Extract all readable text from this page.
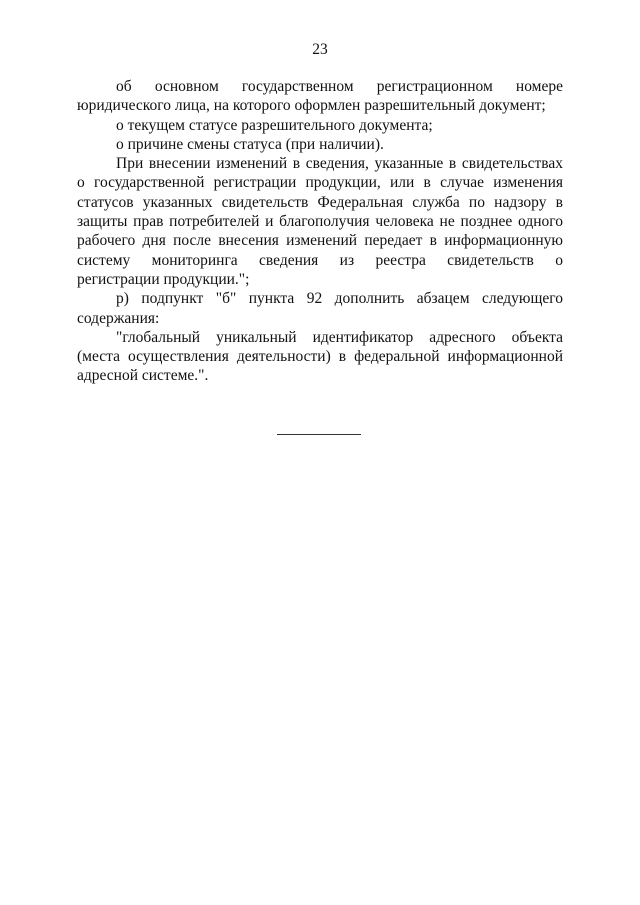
23
об основном государственном регистрационном номере
юридического лица, на которого оформлен разрешительный документ;
о текущем статусе разрешительного документа;
о причине смены статуса (при наличии).
При внесении изменений в сведения, указанные в свидетельствах
о государственной регистрации продукции, или в случае изменения
статусов указанных свидетельств Федеральная служба по надзору в
защиты прав потребителей и благополучия человека не позднее одного
рабочего дня после внесения изменений передает в информационную
систему мониторинга сведения из реестра свидетельств о
регистрации продукции.";
р) подпункт "б" пункта 92 дополнить абзацем следующего
содержания:
"глобальный уникальный идентификатор адресного объекта
(места осуществления деятельности) в федеральной информационной
адресной системе.".
